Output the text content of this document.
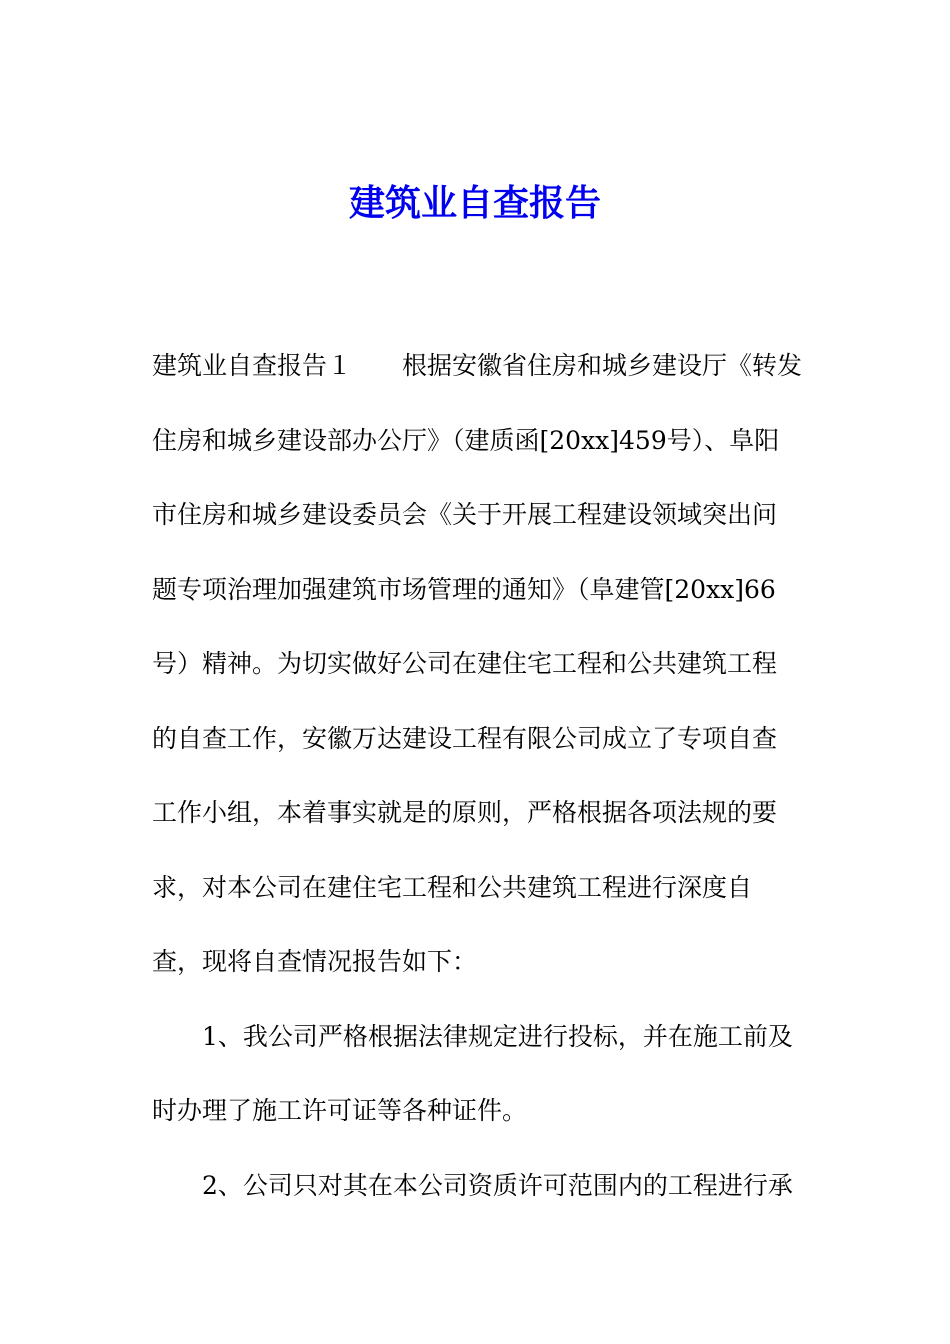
建筑业自查报告
建筑业自查报告１　　根据安徽省住房和城乡建设厅《转发
住房和城乡建设部办公厅》（建质函[20xx]459号）、阜阳
市住房和城乡建设委员会《关于开展工程建设领域突出问
题专项治理加强建筑市场管理的通知》（阜建管[20xx]66
号）精神。为切实做好公司在建住宅工程和公共建筑工程
的自查工作，安徽万达建设工程有限公司成立了专项自查
工作小组，本着事实就是的原则，严格根据各项法规的要
求，对本公司在建住宅工程和公共建筑工程进行深度自
查，现将自查情况报告如下：
1、我公司严格根据法律规定进行投标，并在施工前及
时办理了施工许可证等各种证件。
2、公司只对其在本公司资质许可范围内的工程进行承
